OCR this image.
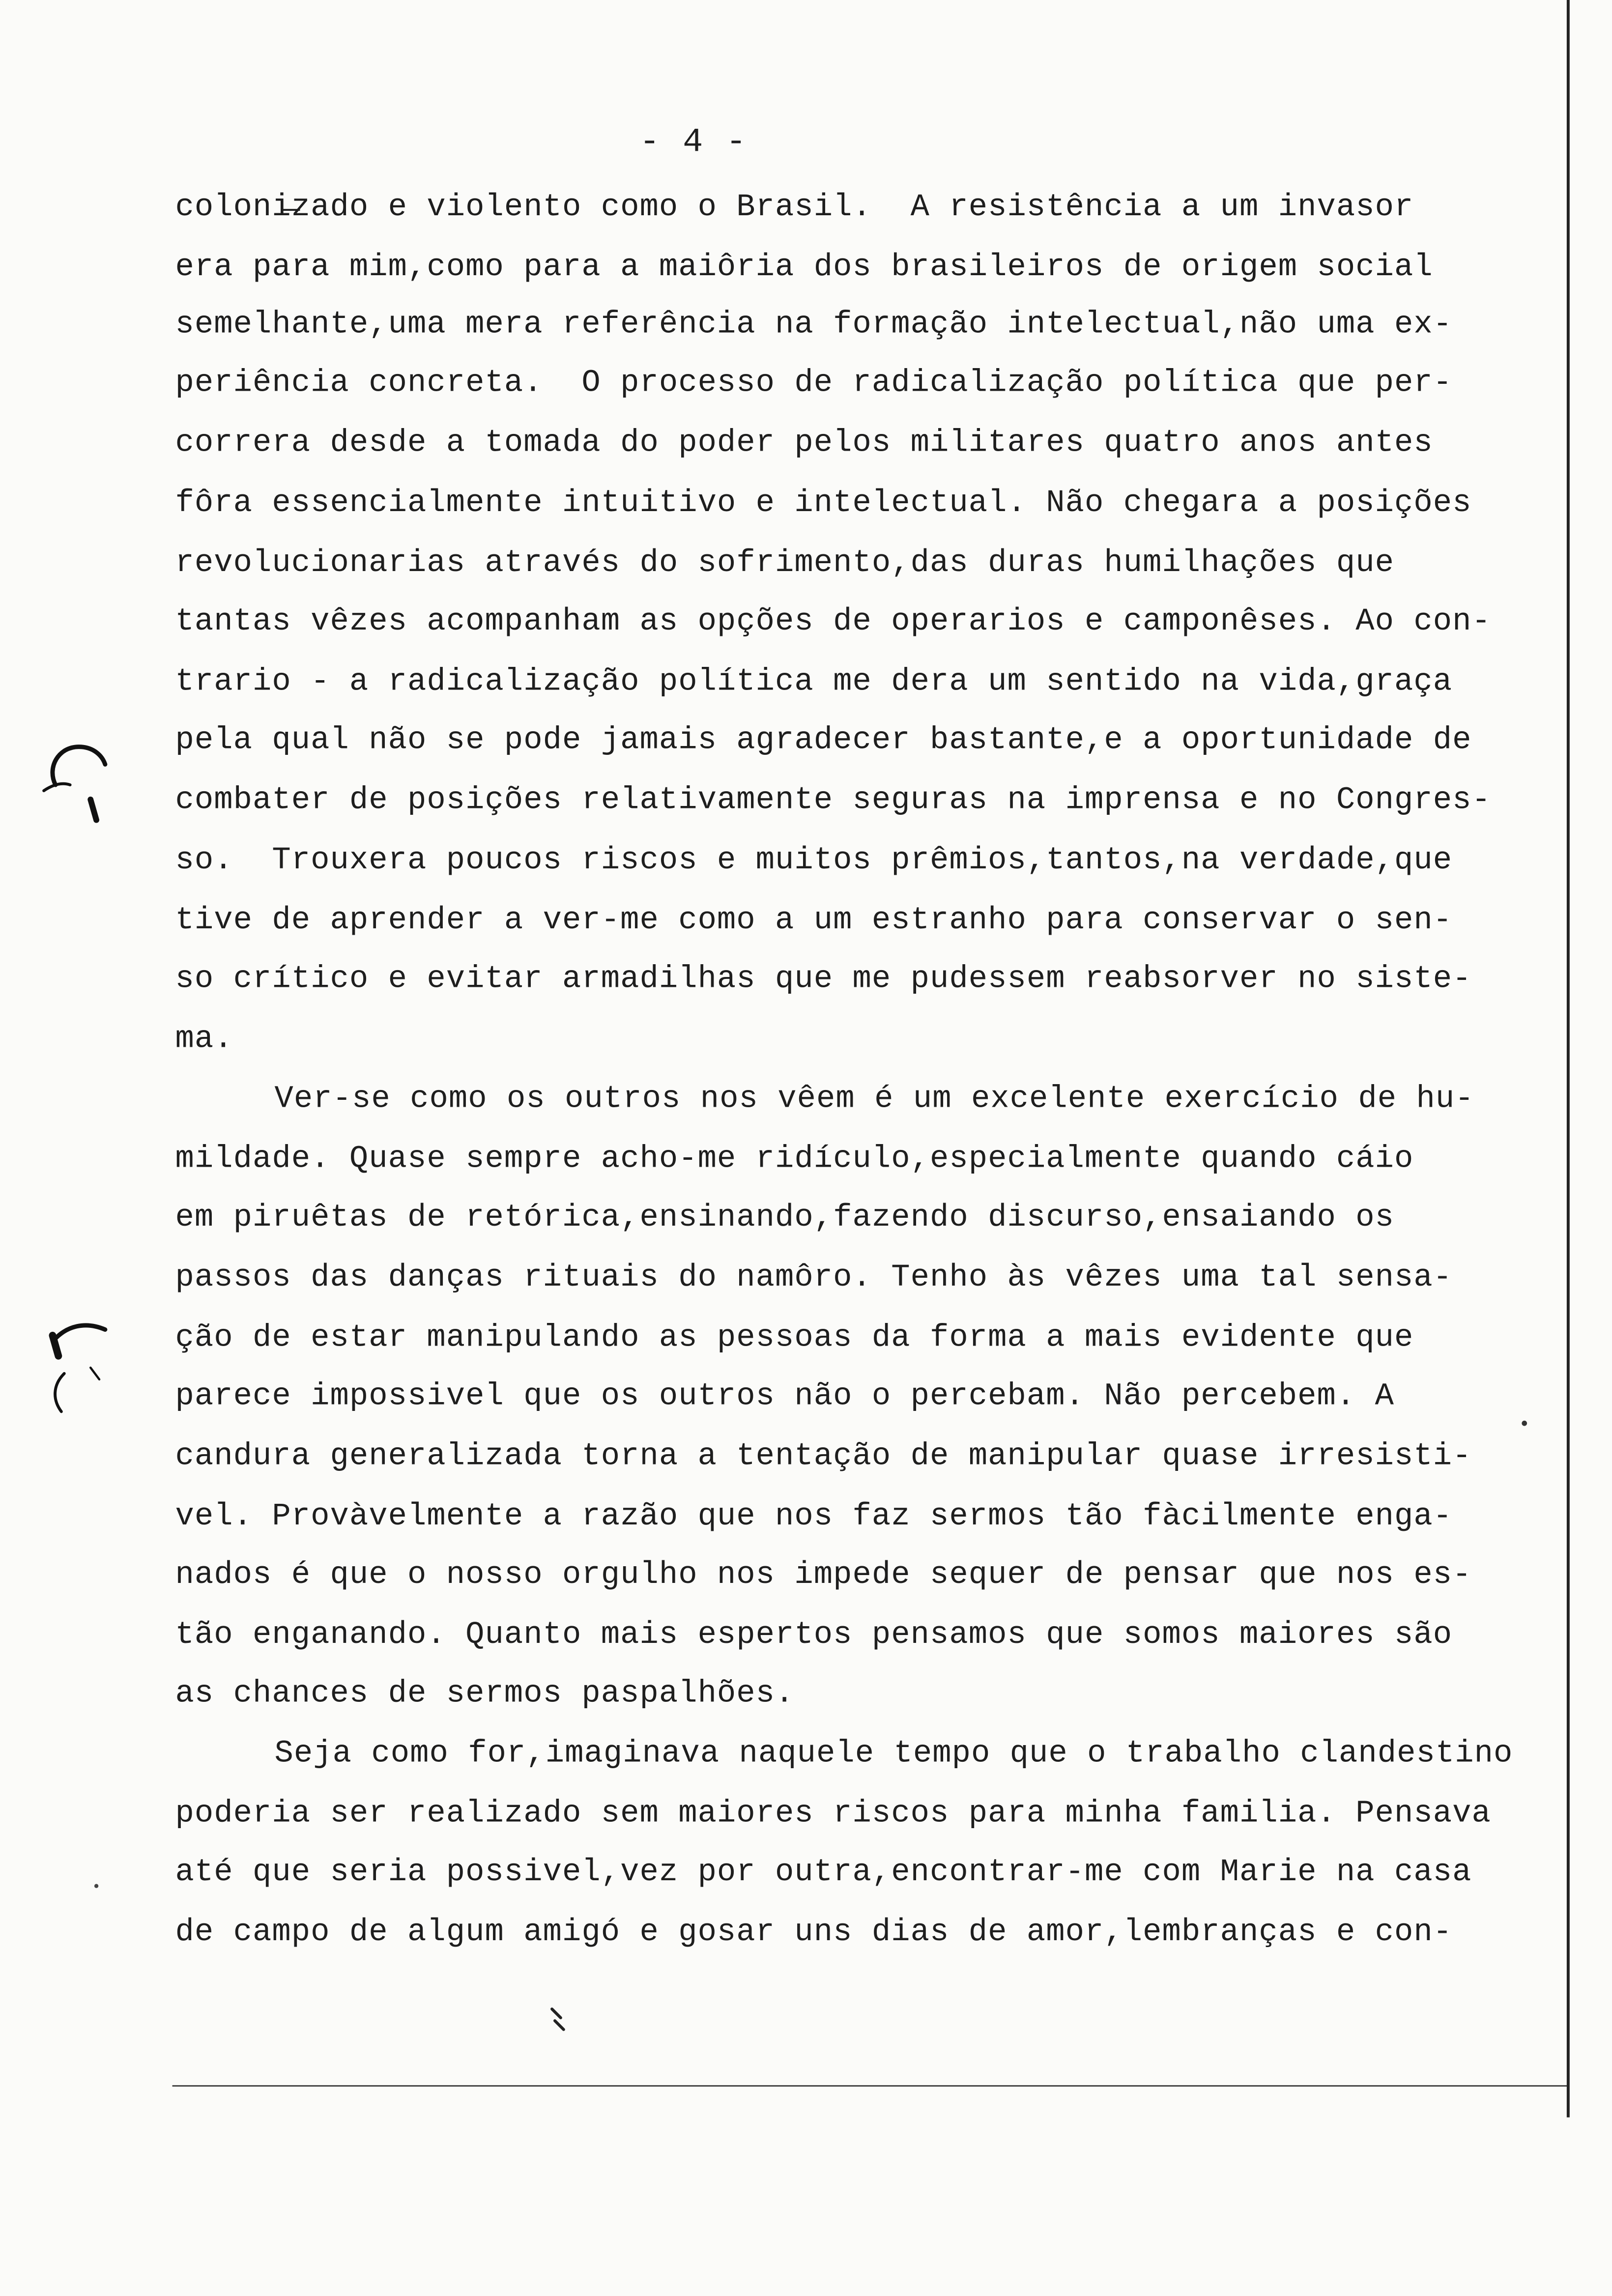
- 4 -
coloni̶zado e violento como o Brasil.  A resistência a um invasor
era para mim,como para a maiôria dos brasileiros de origem social
semelhante,uma mera referência na formação intelectual,não uma ex-
periência concreta.  O processo de radicalização política que per-
correra desde a tomada do poder pelos militares quatro anos antes
fôra essencialmente intuitivo e intelectual. Não chegara a posições
revolucionarias através do sofrimento,das duras humilhações que
tantas vêzes acompanham as opções de operarios e camponêses. Ao con-
trario - a radicalização política me dera um sentido na vida,graça
pela qual não se pode jamais agradecer bastante,e a oportunidade de
combater de posições relativamente seguras na imprensa e no Congres-
so.  Trouxera poucos riscos e muitos prêmios,tantos,na verdade,que
tive de aprender a ver-me como a um estranho para conservar o sen-
so crítico e evitar armadilhas que me pudessem reabsorver no siste-
ma.
Ver-se como os outros nos vêem é um excelente exercício de hu-
mildade. Quase sempre acho-me ridículo,especialmente quando cáio
em piruêtas de retórica,ensinando,fazendo discurso,ensaiando os
passos das danças rituais do namôro. Tenho às vêzes uma tal sensa-
ção de estar manipulando as pessoas da forma a mais evidente que
parece impossivel que os outros não o percebam. Não percebem. A
candura generalizada torna a tentação de manipular quase irresisti-
vel. Provàvelmente a razão que nos faz sermos tão fàcilmente enga-
nados é que o nosso orgulho nos impede sequer de pensar que nos es-
tão enganando. Quanto mais espertos pensamos que somos maiores são
as chances de sermos paspalhões.
Seja como for,imaginava naquele tempo que o trabalho clandestino
poderia ser realizado sem maiores riscos para minha familia. Pensava
até que seria possivel,vez por outra,encontrar-me com Marie na casa
de campo de algum amigó e gosar uns dias de amor,lembranças e con-
